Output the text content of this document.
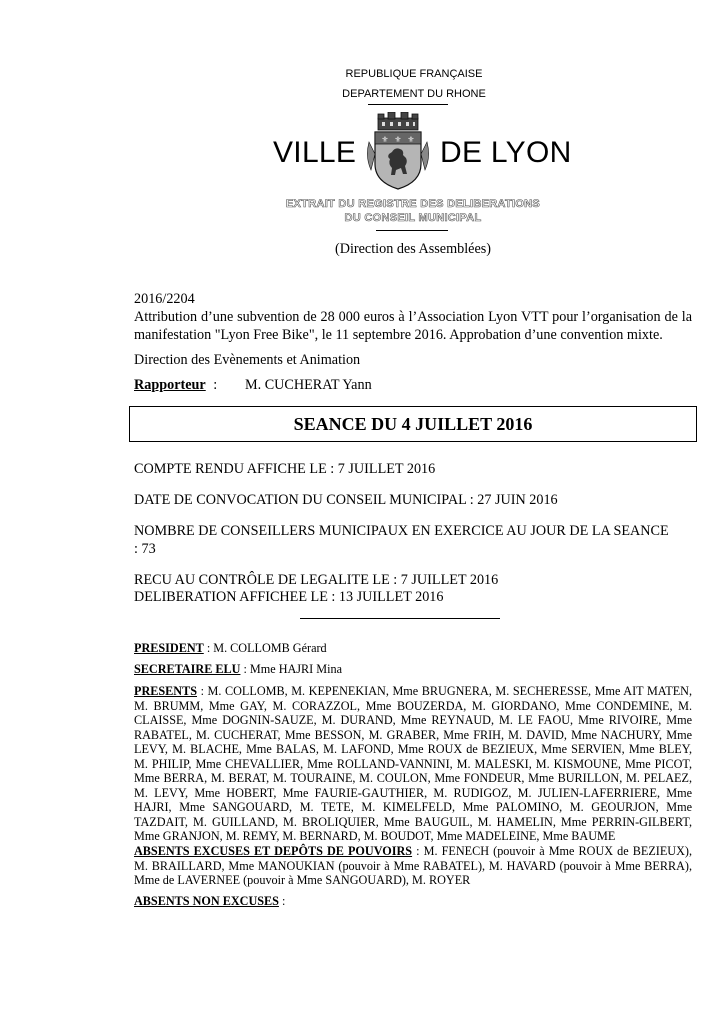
REPUBLIQUE FRANÇAISE
DEPARTEMENT DU RHONE
VILLE	⚜ ⚜ ⚜ DE LYON
EXTRAIT DU REGISTRE DES DELIBERATIONS
DU CONSEIL MUNICIPAL
(Direction des Assemblées)
2016/2204
Attribution d’une subvention de 28 000 euros à l’Association Lyon VTT pour l’organisation de la manifestation "Lyon Free Bike", le 11 septembre 2016. Approbation d’une convention mixte.
Direction des Evènements et Animation
Rapporteur : M. CUCHERAT Yann
SEANCE DU 4 JUILLET 2016
COMPTE RENDU AFFICHE LE : 7 JUILLET 2016
DATE DE CONVOCATION DU CONSEIL MUNICIPAL : 27 JUIN 2016
NOMBRE DE CONSEILLERS MUNICIPAUX EN EXERCICE AU JOUR DE LA SEANCE : 73
RECU AU CONTRÔLE DE LEGALITE LE : 7 JUILLET 2016
DELIBERATION AFFICHEE LE : 13 JUILLET 2016
PRESIDENT : M. COLLOMB Gérard
SECRETAIRE ELU : Mme HAJRI Mina
PRESENTS : M. COLLOMB, M. KEPENEKIAN, Mme BRUGNERA, M. SECHERESSE, Mme AIT MATEN, M. BRUMM, Mme GAY, M. CORAZZOL, Mme BOUZERDA, M. GIORDANO, Mme CONDEMINE, M. CLAISSE, Mme DOGNIN-SAUZE, M. DURAND, Mme REYNAUD, M. LE FAOU, Mme RIVOIRE, Mme RABATEL, M. CUCHERAT, Mme BESSON, M. GRABER, Mme FRIH, M. DAVID, Mme NACHURY, Mme LEVY, M. BLACHE, Mme BALAS, M. LAFOND, Mme ROUX de BEZIEUX, Mme SERVIEN, Mme BLEY, M. PHILIP, Mme CHEVALLIER, Mme ROLLAND-VANNINI, M. MALESKI, M. KISMOUNE, Mme PICOT, Mme BERRA, M. BERAT, M. TOURAINE, M. COULON, Mme FONDEUR, Mme BURILLON, M. PELAEZ, M. LEVY, Mme HOBERT, Mme FAURIE-GAUTHIER, M. RUDIGOZ, M. JULIEN-LAFERRIERE, Mme HAJRI, Mme SANGOUARD, M. TETE, M. KIMELFELD, Mme PALOMINO, M. GEOURJON, Mme TAZDAIT, M. GUILLAND, M. BROLIQUIER, Mme BAUGUIL, M. HAMELIN, Mme PERRIN-GILBERT, Mme GRANJON, M. REMY, M. BERNARD, M. BOUDOT, Mme MADELEINE, Mme BAUME
ABSENTS EXCUSES ET DEPÔTS DE POUVOIRS : M. FENECH (pouvoir à Mme ROUX de BEZIEUX), M. BRAILLARD, Mme MANOUKIAN (pouvoir à Mme RABATEL), M. HAVARD (pouvoir à Mme BERRA), Mme de LAVERNEE (pouvoir à Mme SANGOUARD), M. ROYER
ABSENTS NON EXCUSES :
